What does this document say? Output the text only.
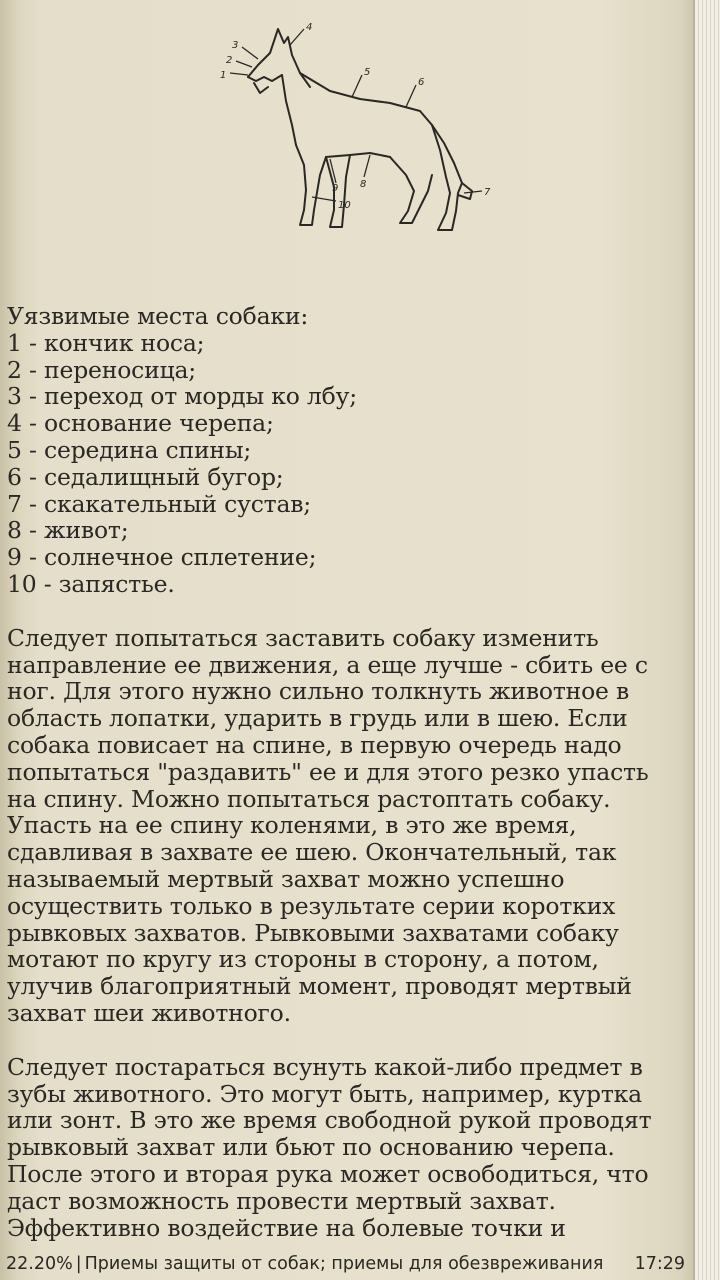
1
2
3
4
5
6
7
8
9
10

Уязвимые места собаки:

1 - кончик носа;

2 - переносица;

3 - переход от морды ко лбу;

4 - основание черепа;

5 - середина спины;

6 - седалищный бугор;

7 - скакательный сустав;

8 - живот;

9 - солнечное сплетение;

10 - запястье.

Следует попытаться заставить собаку изменить

направление ее движения, а еще лучше - сбить ее с

ног. Для этого нужно сильно толкнуть животное в

область лопатки, ударить в грудь или в шею. Если

собака повисает на спине, в первую очередь надо

попытаться "раздавить" ее и для этого резко упасть

на спину. Можно попытаться растоптать собаку.

Упасть на ее спину коленями, в это же время,

сдавливая в захвате ее шею. Окончательный, так

называемый мертвый захват можно успешно

осуществить только в результате серии коротких

рывковых захватов. Рывковыми захватами собаку

мотают по кругу из стороны в сторону, а потом,

улучив благоприятный момент, проводят мертвый

захват шеи животного.

Следует постараться всунуть какой-либо предмет в

зубы животного. Это могут быть, например, куртка

или зонт. В это же время свободной рукой проводят

рывковый захват или бьют по основанию черепа.

После этого и вторая рука может освободиться, что

даст возможность провести мертвый захват.

Эффективно воздействие на болевые точки и

22.20% | Приемы защиты от собак; приемы для обезвреживания	17:29
